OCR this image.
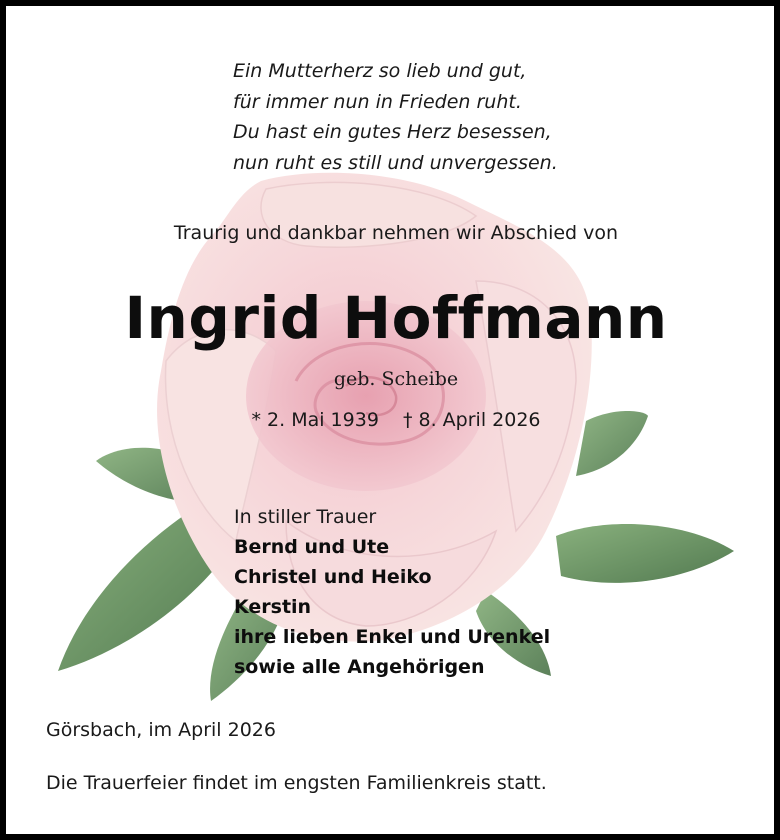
Ein Mutterherz so lieb und gut,
für immer nun in Frieden ruht.
Du hast ein gutes Herz besessen,
nun ruht es still und unvergessen.
Traurig und dankbar nehmen wir Abschied von
Ingrid Hoffmann
geb. Scheibe
* 2. Mai 1939 † 8. April 2026
In stiller Trauer
Bernd und Ute
Christel und Heiko
Kerstin
ihre lieben Enkel und Urenkel
sowie alle Angehörigen
Görsbach, im April 2026
Die Trauerfeier findet im engsten Familienkreis statt.
